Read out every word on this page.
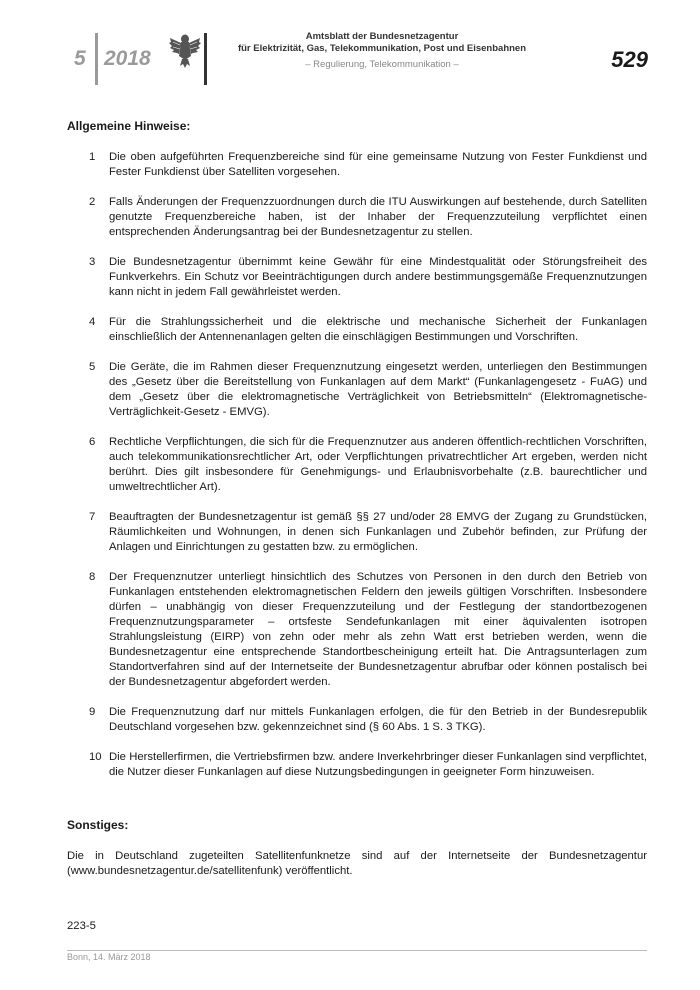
5 2018
Amtsblatt der Bundesnetzagentur
für Elektrizität, Gas, Telekommunikation, Post und Eisenbahnen
– Regulierung, Telekommunikation –	529
Allgemeine Hinweise:
1	Die oben aufgeführten Frequenzbereiche sind für eine gemeinsame Nutzung von Fester Funkdienst und Fester Funkdienst über Satelliten vorgesehen.
2	Falls Änderungen der Frequenzzuordnungen durch die ITU Auswirkungen auf bestehende, durch Satelliten genutzte Frequenzbereiche haben, ist der Inhaber der Frequenzzuteilung verpflichtet einen entsprechenden Änderungsantrag bei der Bundesnetzagentur zu stellen.
3	Die Bundesnetzagentur übernimmt keine Gewähr für eine Mindestqualität oder Störungsfreiheit des Funkverkehrs. Ein Schutz vor Beeinträchtigungen durch andere bestimmungsgemäße Frequenznutzungen kann nicht in jedem Fall gewährleistet werden.
4	Für die Strahlungssicherheit und die elektrische und mechanische Sicherheit der Funkanlagen einschließlich der Antennenanlagen gelten die einschlägigen Bestimmungen und Vorschriften.
5	Die Geräte, die im Rahmen dieser Frequenznutzung eingesetzt werden, unterliegen den Bestimmungen des „Gesetz über die Bereitstellung von Funkanlagen auf dem Markt“ (Funkanlagengesetz - FuAG) und dem „Gesetz über die elektromagnetische Verträglichkeit von Betriebsmitteln“ (Elektromagnetische-Verträglichkeit-Gesetz - EMVG).
6	Rechtliche Verpflichtungen, die sich für die Frequenznutzer aus anderen öffentlich-rechtlichen Vorschriften, auch telekommunikationsrechtlicher Art, oder Verpflichtungen privatrechtlicher Art ergeben, werden nicht berührt. Dies gilt insbesondere für Genehmigungs- und Erlaubnisvorbehalte (z.B. baurechtlicher und umweltrechtlicher Art).
7	Beauftragten der Bundesnetzagentur ist gemäß §§ 27 und/oder 28 EMVG der Zugang zu Grundstücken, Räumlichkeiten und Wohnungen, in denen sich Funkanlagen und Zubehör befinden, zur Prüfung der Anlagen und Einrichtungen zu gestatten bzw. zu ermöglichen.
8	Der Frequenznutzer unterliegt hinsichtlich des Schutzes von Personen in den durch den Betrieb von Funkanlagen entstehenden elektromagnetischen Feldern den jeweils gültigen Vorschriften. Insbesondere dürfen – unabhängig von dieser Frequenzzuteilung und der Festlegung der standortbezogenen Frequenznutzungsparameter – ortsfeste Sendefunkanlagen mit einer äquivalenten isotropen Strahlungsleistung (EIRP) von zehn oder mehr als zehn Watt erst betrieben werden, wenn die Bundesnetzagentur eine entsprechende Standortbescheinigung erteilt hat. Die Antragsunterlagen zum Standortverfahren sind auf der Internetseite der Bundesnetzagentur abrufbar oder können postalisch bei der Bundesnetzagentur abgefordert werden.
9	Die Frequenznutzung darf nur mittels Funkanlagen erfolgen, die für den Betrieb in der Bundesrepublik Deutschland vorgesehen bzw. gekennzeichnet sind (§ 60 Abs. 1 S. 3 TKG).
10 Die Herstellerfirmen, die Vertriebsfirmen bzw. andere Inverkehrbringer dieser Funkanlagen sind verpflichtet, die Nutzer dieser Funkanlagen auf diese Nutzungsbedingungen in geeigneter Form hinzuweisen.
Sonstiges:

Die in Deutschland zugeteilten Satellitenfunknetze sind auf der Internetseite der Bundesnetzagentur (www.bundesnetzagentur.de/satellitenfunk) veröffentlicht.

223-5
Bonn, 14. März 2018
